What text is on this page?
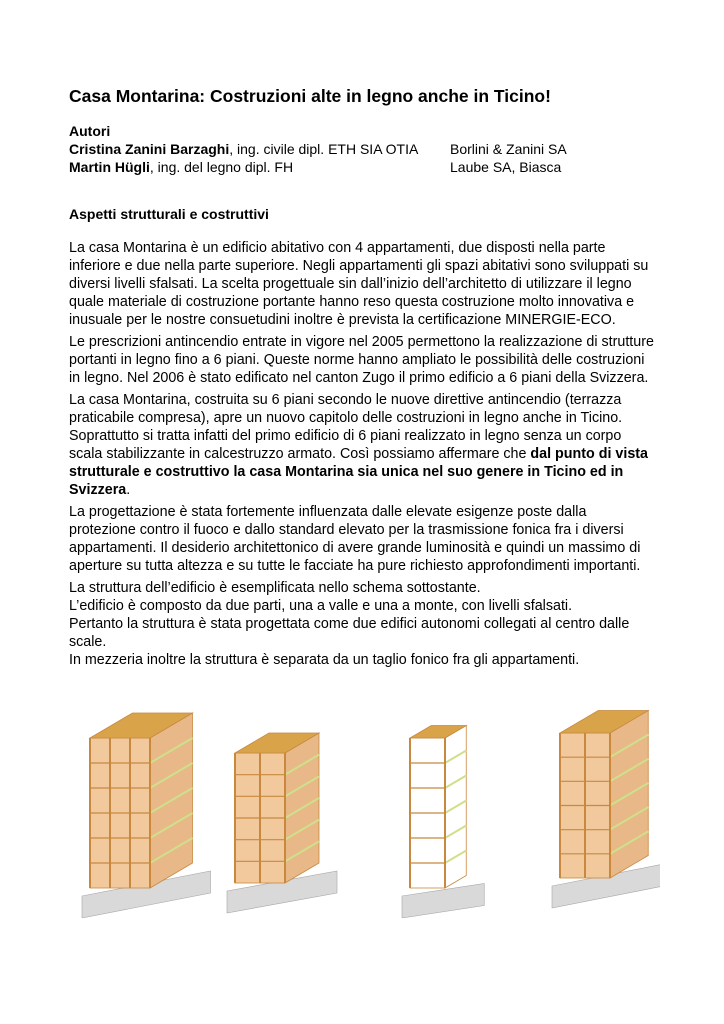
Casa Montarina: Costruzioni alte in legno anche in Ticino!
Autori
Cristina Zanini Barzaghi, ing. civile dipl. ETH SIA OTIA Borlini & Zanini SA
Martin Hügli, ing. del legno dipl. FH	Laube SA, Biasca
Aspetti strutturali e costruttivi

La casa Montarina è un edificio abitativo con 4 appartamenti, due disposti nella parte inferiore e due nella parte superiore. Negli appartamenti gli spazi abitativi sono sviluppati su diversi livelli sfalsati. La scelta progettuale sin dall’inizio dell’architetto di utilizzare il legno quale materiale di costruzione portante hanno reso questa costruzione molto innovativa e inusuale per le nostre consuetudini inoltre è prevista la certificazione MINERGIE-ECO.

Le prescrizioni antincendio entrate in vigore nel 2005 permettono la realizzazione di strutture portanti in legno fino a 6 piani. Queste norme hanno ampliato le possibilità delle costruzioni in legno. Nel 2006 è stato edificato nel canton Zugo il primo edificio a 6 piani della Svizzera.

La casa Montarina, costruita su 6 piani secondo le nuove direttive antincendio (terrazza praticabile compresa), apre un nuovo capitolo delle costruzioni in legno anche in Ticino. Soprattutto si tratta infatti del primo edificio di 6 piani realizzato in legno senza un corpo scala stabilizzante in calcestruzzo armato. Così possiamo affermare che dal punto di vista strutturale e costruttivo la casa Montarina sia unica nel suo genere in Ticino ed in Svizzera.

La progettazione è stata fortemente influenzata dalle elevate esigenze poste dalla protezione contro il fuoco e dallo standard elevato per la trasmissione fonica fra i diversi appartamenti. Il desiderio architettonico di avere grande luminosità e quindi un massimo di aperture su tutta altezza e su tutte le facciate ha pure richiesto approfondimenti importanti.

La struttura dell’edificio è esemplificata nello schema sottostante.
L’edificio è composto da due parti, una a valle e una a monte, con livelli sfalsati.
Pertanto la struttura è stata progettata come due edifici autonomi collegati al centro dalle scale.
In mezzeria inoltre la struttura è separata da un taglio fonico fra gli appartamenti.
